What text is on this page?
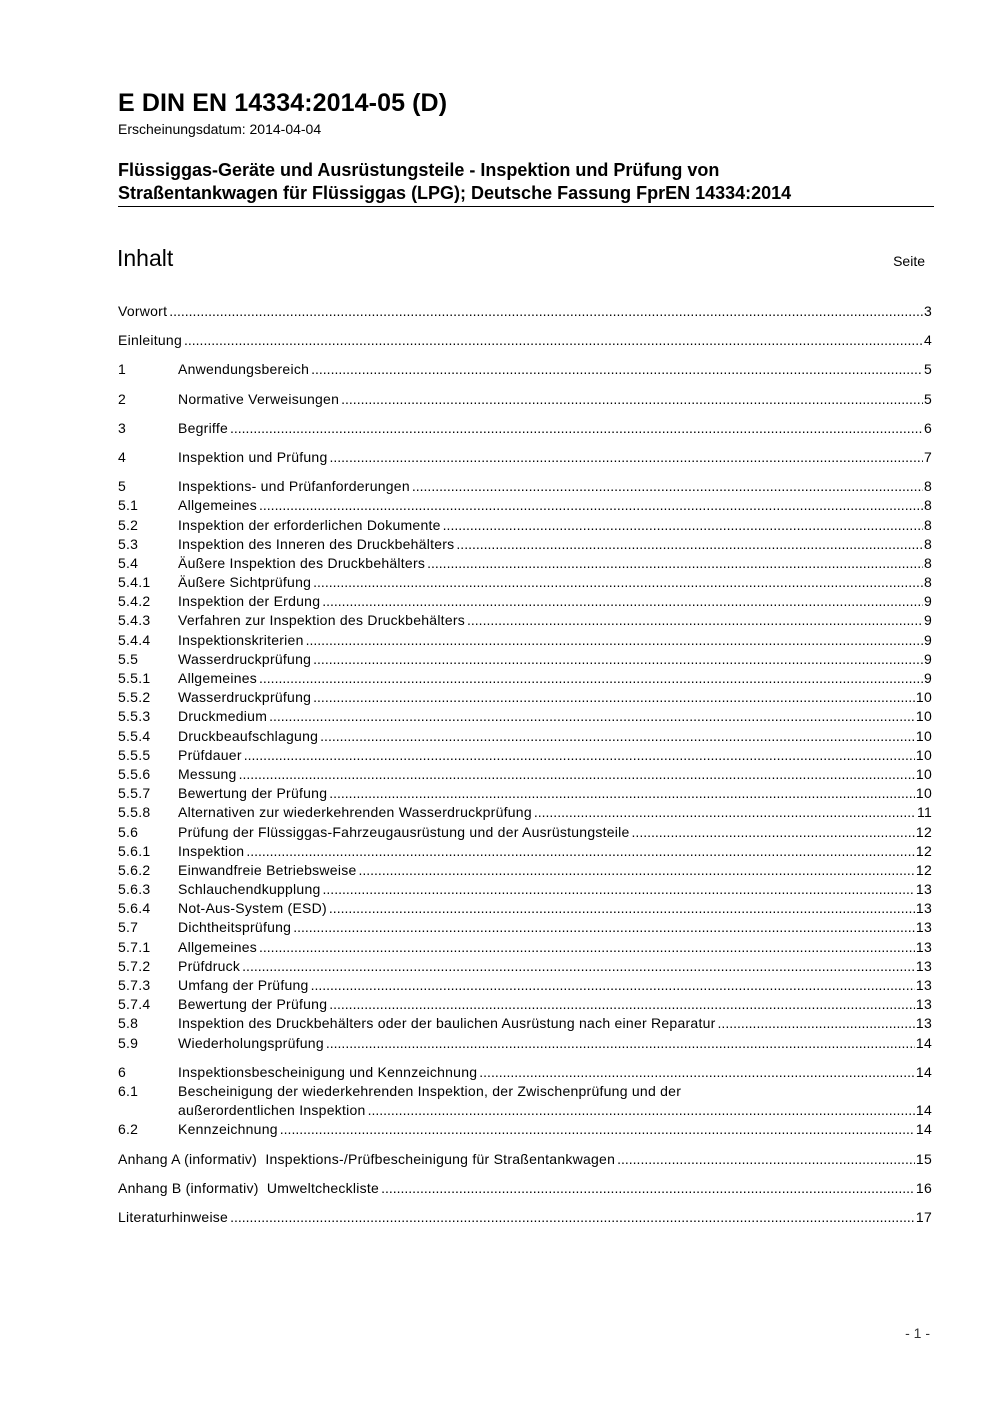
E DIN EN 14334:2014-05 (D)
Erscheinungsdatum: 2014-04-04
Flüssiggas-Geräte und Ausrüstungsteile - Inspektion und Prüfung von
Straßentankwagen für Flüssiggas (LPG); Deutsche Fassung FprEN 14334:2014
Inhalt	Seite
Vorwort .....	3
Einleitung .....	4
1	Anwendungsbereich .....	5
2	Normative Verweisungen .....	5
3	Begriffe .....	6
4	Inspektion und Prüfung .....	7
5	Inspektions- und Prüfanforderungen .....	8
5.1	Allgemeines .....	8
5.2	Inspektion der erforderlichen Dokumente .....	8
5.3	Inspektion des Inneren des Druckbehälters .....	8
5.4	Äußere Inspektion des Druckbehälters .....	8
5.4.1	Äußere Sichtprüfung .....	8
5.4.2	Inspektion der Erdung .....	9
5.4.3	Verfahren zur Inspektion des Druckbehälters .....	9
5.4.4	Inspektionskriterien .....	9
5.5	Wasserdruckprüfung .....	9
5.5.1	Allgemeines .....	9
5.5.2	Wasserdruckprüfung .....	10
5.5.3	Druckmedium .....	10
5.5.4	Druckbeaufschlagung .....	10
5.5.5	Prüfdauer .....	10
5.5.6	Messung .....	10
5.5.7	Bewertung der Prüfung .....	10
5.5.8	Alternativen zur wiederkehrenden Wasserdruckprüfung .....	11
5.6	Prüfung der Flüssiggas-Fahrzeugausrüstung und der Ausrüstungsteile .....	12
5.6.1	Inspektion .....	12
5.6.2	Einwandfreie Betriebsweise .....	12
5.6.3	Schlauchendkupplung .....	13
5.6.4	Not-Aus-System (ESD) .....	13
5.7	Dichtheitsprüfung .....	13
5.7.1	Allgemeines .....	13
5.7.2	Prüfdruck .....	13
5.7.3	Umfang der Prüfung .....	13
5.7.4	Bewertung der Prüfung .....	13
5.8	Inspektion des Druckbehälters oder der baulichen Ausrüstung nach einer Reparatur .....	13
5.9	Wiederholungsprüfung .....	14
6	Inspektionsbescheinigung und Kennzeichnung .....	14
6.1	Bescheinigung der wiederkehrenden Inspektion, der Zwischenprüfung und der
außerordentlichen Inspektion .....	14
6.2	Kennzeichnung .....	14
Anhang A (informativ)  Inspektions-/Prüfbescheinigung für Straßentankwagen .....	15
Anhang B (informativ)  Umweltcheckliste .....	16
Literaturhinweise .....	17
- 1 -
